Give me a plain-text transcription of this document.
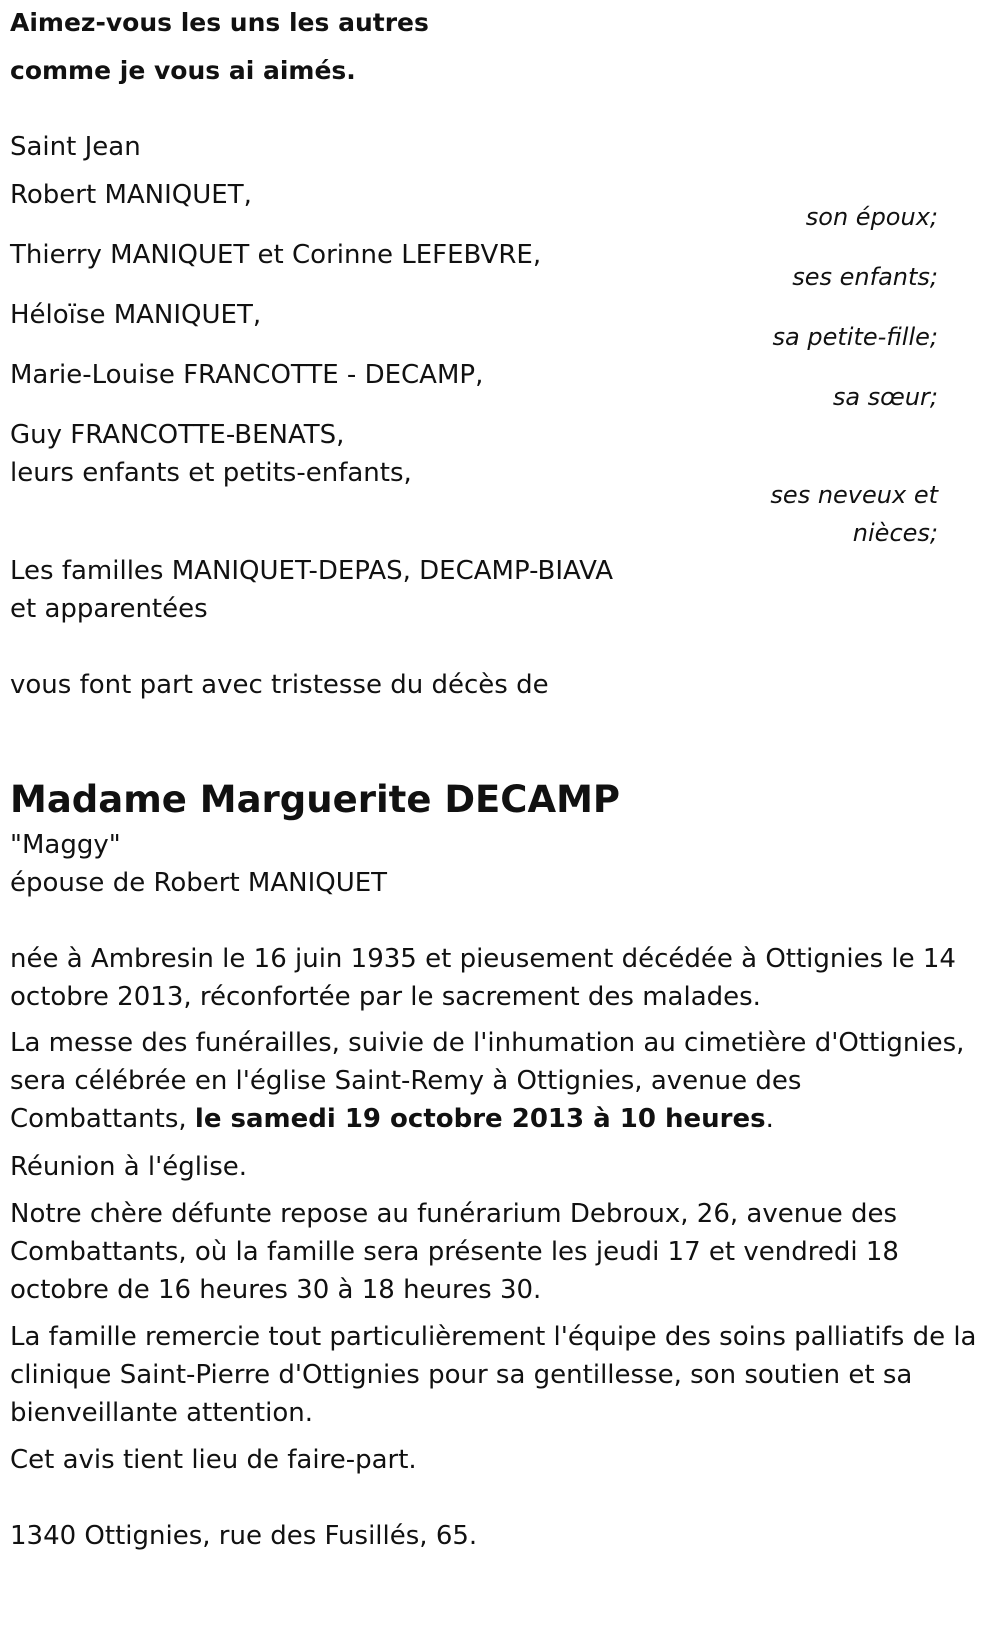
Aimez-vous les uns les autres
comme je vous ai aimés.
Saint Jean
Robert MANIQUET,
son époux;
Thierry MANIQUET et Corinne LEFEBVRE,
ses enfants;
Héloïse MANIQUET,
sa petite-fille;
Marie-Louise FRANCOTTE - DECAMP,
sa sœur;
Guy FRANCOTTE-BENATS,
leurs enfants et petits-enfants,
ses neveux et
nièces;
Les familles MANIQUET-DEPAS, DECAMP-BIAVA
et apparentées
vous font part avec tristesse du décès de
Madame Marguerite DECAMP
"Maggy"
épouse de Robert MANIQUET
née à Ambresin le 16 juin 1935 et pieusement décédée à Ottignies le 14 octobre 2013, réconfortée par le sacrement des malades.
La messe des funérailles, suivie de l'inhumation au cimetière d'Ottignies, sera célébrée en l'église Saint-Remy à Ottignies, avenue des Combattants, le samedi 19 octobre 2013 à 10 heures.
Réunion à l'église.
Notre chère défunte repose au funérarium Debroux, 26, avenue des Combattants, où la famille sera présente les jeudi 17 et vendredi 18 octobre de 16 heures 30 à 18 heures 30.
La famille remercie tout particulièrement l'équipe des soins palliatifs de la clinique Saint-Pierre d'Ottignies pour sa gentillesse, son soutien et sa bienveillante attention.
Cet avis tient lieu de faire-part.
1340 Ottignies, rue des Fusillés, 65.
